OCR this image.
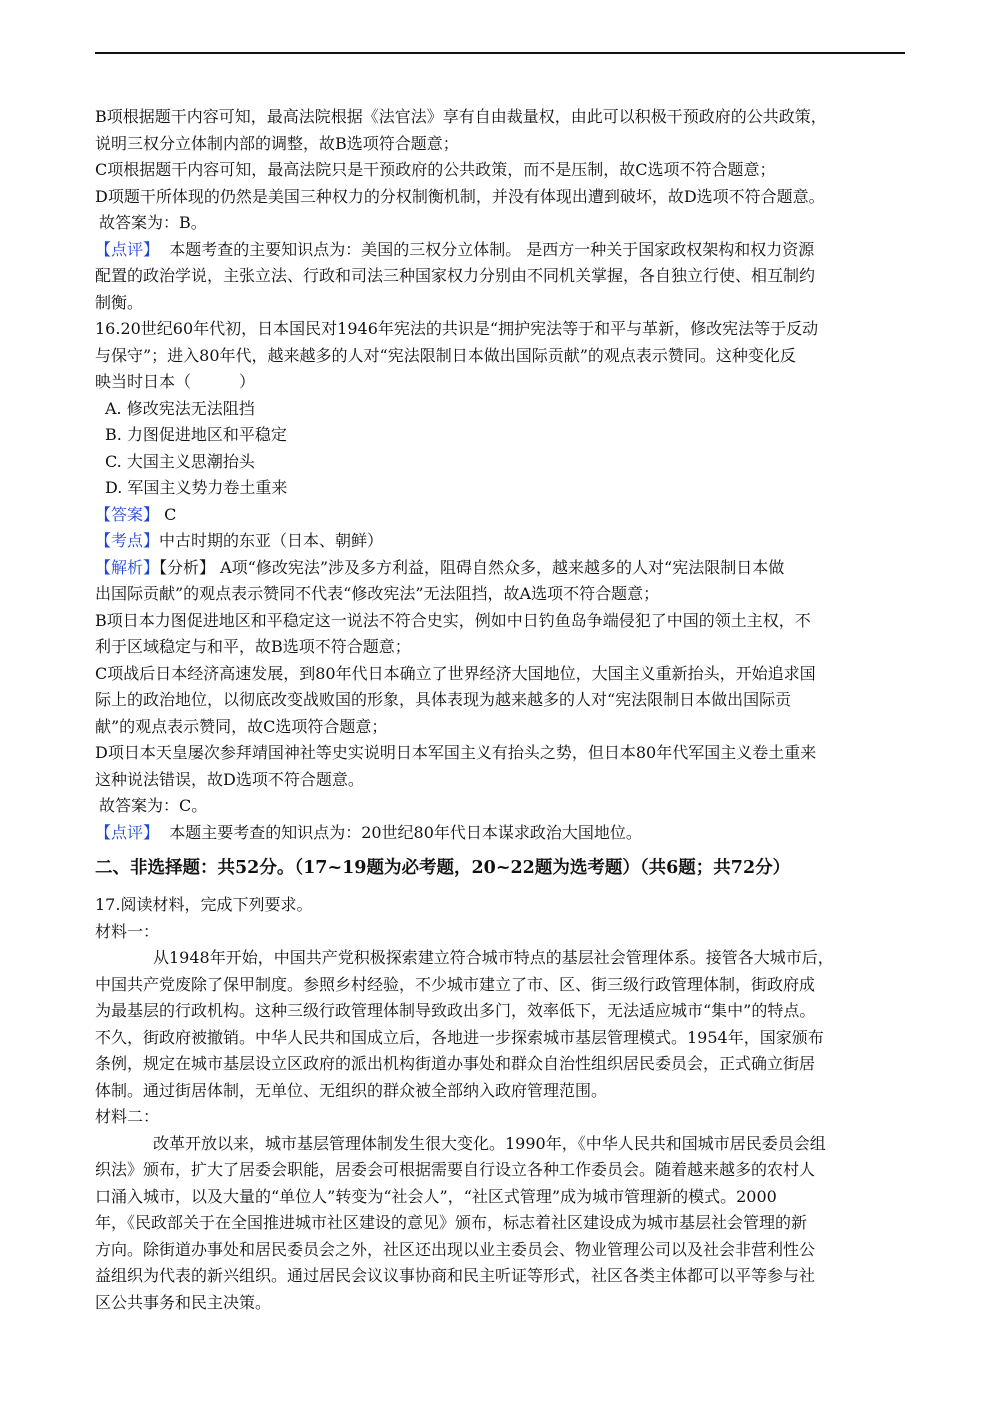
B项根据题干内容可知，最高法院根据《法官法》享有自由裁量权，由此可以积极干预政府的公共政策，

说明三权分立体制内部的调整，故B选项符合题意；

C项根据题干内容可知，最高法院只是干预政府的公共政策，而不是压制，故C选项不符合题意；

D项题干所体现的仍然是美国三种权力的分权制衡机制，并没有体现出遭到破坏，故D选项不符合题意。

故答案为：B。

【点评】 本题考查的主要知识点为：美国的三权分立体制。 是西方一种关于国家政权架构和权力资源

配置的政治学说，主张立法、行政和司法三种国家权力分别由不同机关掌握，各自独立行使、相互制约

制衡。

16.20世纪60年代初，日本国民对1946年宪法的共识是“拥护宪法等于和平与革新，修改宪法等于反动

与保守”；进入80年代，越来越多的人对“宪法限制日本做出国际贡献”的观点表示赞同。这种变化反

映当时日本（　　　）

A. 修改宪法无法阻挡

B. 力图促进地区和平稳定

C. 大国主义思潮抬头

D. 军国主义势力卷土重来

【答案】 C

【考点】中古时期的东亚（日本、朝鲜）

【解析】【分析】 A项“修改宪法”涉及多方利益，阻碍自然众多，越来越多的人对“宪法限制日本做

出国际贡献”的观点表示赞同不代表“修改宪法”无法阻挡，故A选项不符合题意；

B项日本力图促进地区和平稳定这一说法不符合史实，例如中日钓鱼岛争端侵犯了中国的领土主权，不

利于区域稳定与和平，故B选项不符合题意；

C项战后日本经济高速发展，到80年代日本确立了世界经济大国地位，大国主义重新抬头，开始追求国

际上的政治地位，以彻底改变战败国的形象，具体表现为越来越多的人对“宪法限制日本做出国际贡

献”的观点表示赞同，故C选项符合题意；

D项日本天皇屡次参拜靖国神社等史实说明日本军国主义有抬头之势，但日本80年代军国主义卷土重来

这种说法错误，故D选项不符合题意。

故答案为：C。

【点评】 本题主要考查的知识点为：20世纪80年代日本谋求政治大国地位。

二、非选择题：共52分。（17~19题为必考题，20~22题为选考题）（共6题；共72分）

17.阅读材料，完成下列要求。

材料一：

从1948年开始，中国共产党积极探索建立符合城市特点的基层社会管理体系。接管各大城市后，

中国共产党废除了保甲制度。参照乡村经验，不少城市建立了市、区、街三级行政管理体制，街政府成

为最基层的行政机构。这种三级行政管理体制导致政出多门，效率低下，无法适应城市“集中”的特点。

不久，街政府被撤销。中华人民共和国成立后，各地进一步探索城市基层管理模式。1954年，国家颁布

条例，规定在城市基层设立区政府的派出机构街道办事处和群众自治性组织居民委员会，正式确立街居

体制。通过街居体制，无单位、无组织的群众被全部纳入政府管理范围。

材料二：

改革开放以来，城市基层管理体制发生很大变化。1990年，《中华人民共和国城市居民委员会组

织法》颁布，扩大了居委会职能，居委会可根据需要自行设立各种工作委员会。随着越来越多的农村人

口涌入城市，以及大量的“单位人”转变为“社会人”，“社区式管理”成为城市管理新的模式。2000

年，《民政部关于在全国推进城市社区建设的意见》颁布，标志着社区建设成为城市基层社会管理的新

方向。除街道办事处和居民委员会之外，社区还出现以业主委员会、物业管理公司以及社会非营利性公

益组织为代表的新兴组织。通过居民会议议事协商和民主听证等形式，社区各类主体都可以平等参与社

区公共事务和民主决策。
